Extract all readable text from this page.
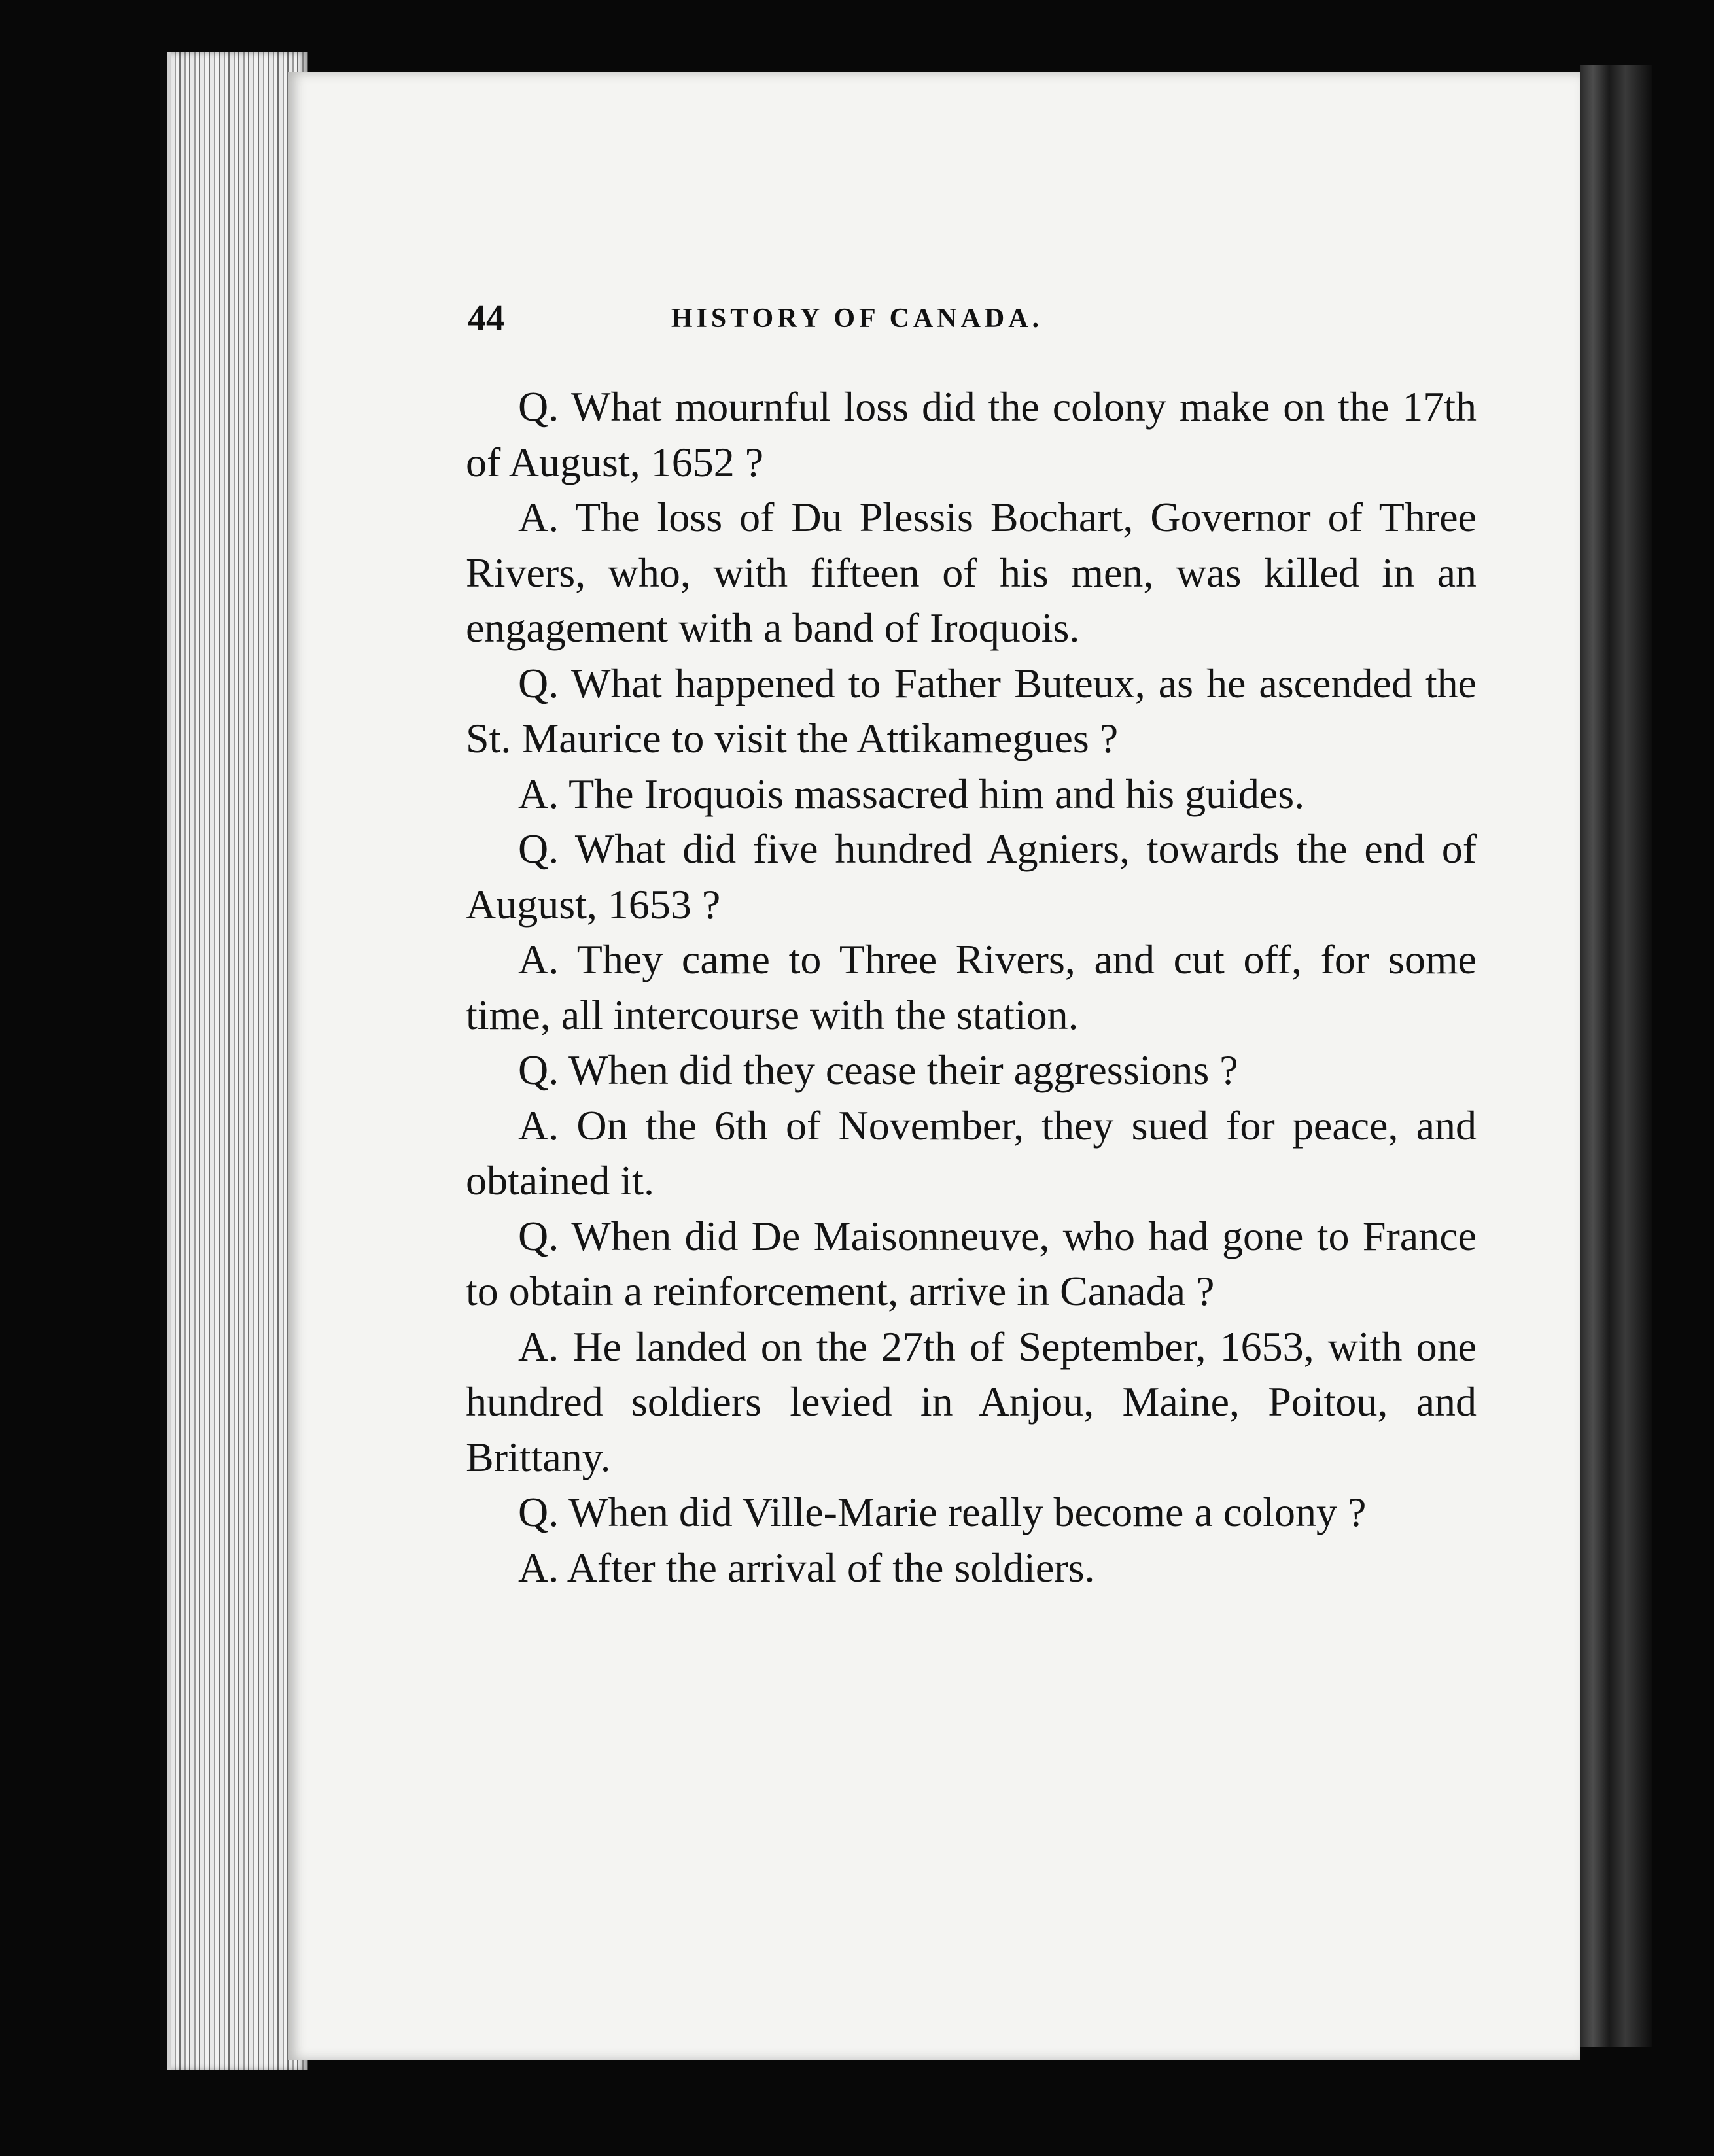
44	HISTORY OF CANADA.

Q. What mournful loss did the colony make on the 17th of August, 1652 ?

A. The loss of Du Plessis Bochart, Governor of Three Rivers, who, with fifteen of his men, was killed in an engagement with a band of Iroquois.

Q. What happened to Father Buteux, as he ascended the St. Maurice to visit the Attikamegues ?

A. The Iroquois massacred him and his guides.

Q. What did five hundred Agniers, towards the end of August, 1653 ?

A. They came to Three Rivers, and cut off, for some time, all intercourse with the station.

Q. When did they cease their aggressions ?

A. On the 6th of November, they sued for peace, and obtained it.

Q. When did De Maisonneuve, who had gone to France to obtain a reinforcement, arrive in Canada ?

A. He landed on the 27th of September, 1653, with one hundred soldiers levied in Anjou, Maine, Poitou, and Brittany.

Q. When did Ville-Marie really become a colony ?

A. After the arrival of the soldiers.
